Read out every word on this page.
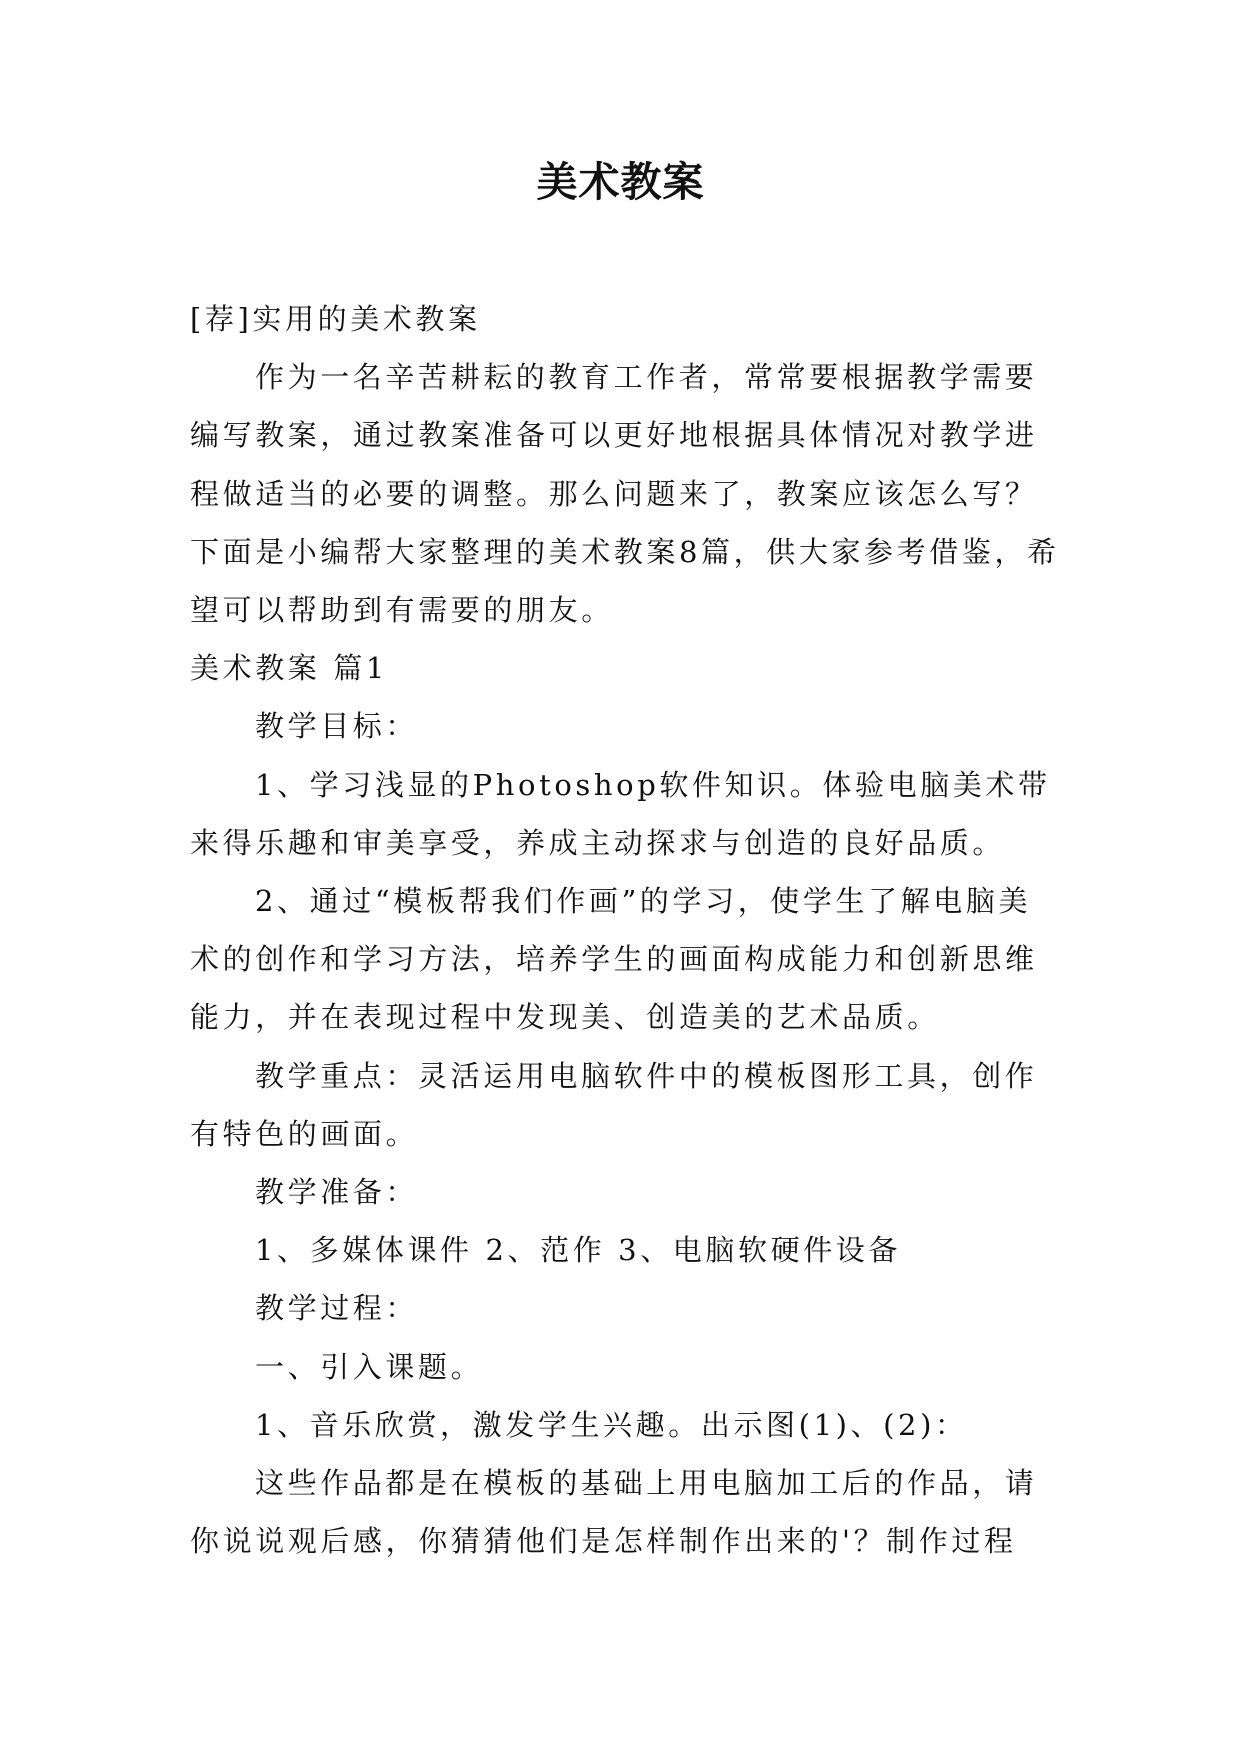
美术教案

[荐]实用的美术教案

作为一名辛苦耕耘的教育工作者，常常要根据教学需要编写教案，通过教案准备可以更好地根据具体情况对教学进程做适当的必要的调整。那么问题来了，教案应该怎么写？下面是小编帮大家整理的美术教案8篇，供大家参考借鉴，希望可以帮助到有需要的朋友。

美术教案 篇1

教学目标：

1、学习浅显的Photoshop软件知识。体验电脑美术带来得乐趣和审美享受，养成主动探求与创造的良好品质。

2、通过“模板帮我们作画”的学习，使学生了解电脑美术的创作和学习方法，培养学生的画面构成能力和创新思维能力，并在表现过程中发现美、创造美的艺术品质。

教学重点：灵活运用电脑软件中的模板图形工具，创作有特色的画面。

教学准备：

1、多媒体课件 2、范作 3、电脑软硬件设备

教学过程：

一、引入课题。

1、音乐欣赏，激发学生兴趣。出示图(1)、(2)：

这些作品都是在模板的基础上用电脑加工后的作品，请你说说观后感，你猜猜他们是怎样制作出来的'？制作过程
